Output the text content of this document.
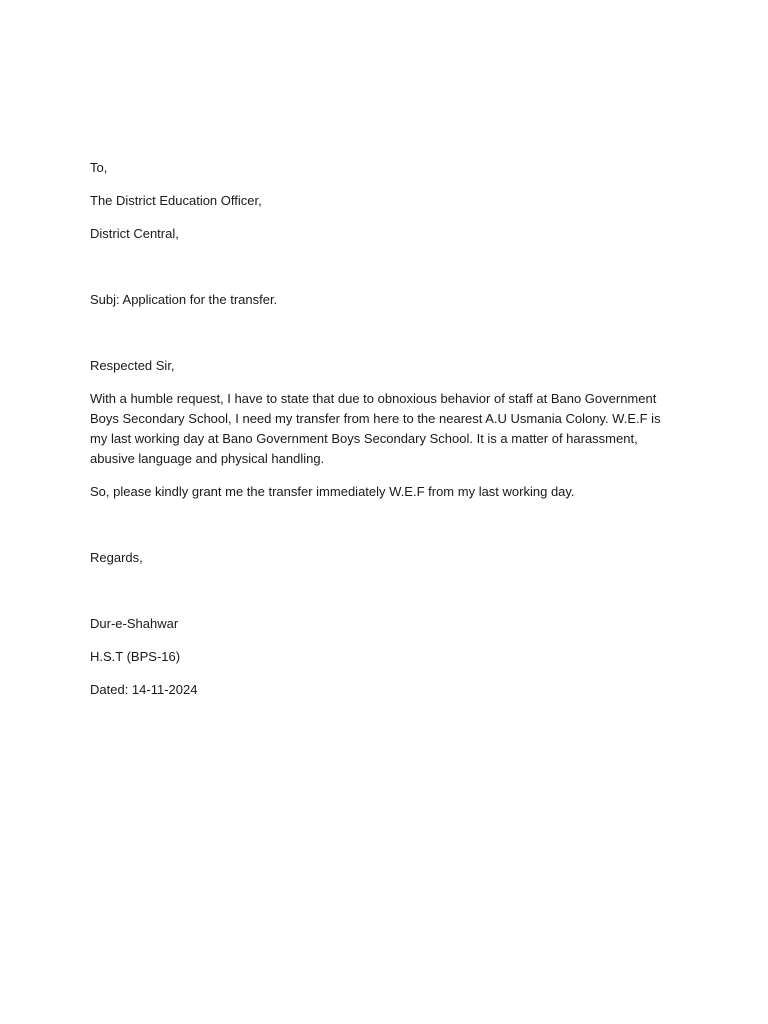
To,

The District Education Officer,

District Central,

Subj: Application for the transfer.

Respected Sir,

With a humble request, I have to state that due to obnoxious behavior of staff at Bano Government Boys Secondary School, I need my transfer from here to the nearest A.U Usmania Colony. W.E.F is my last working day at Bano Government Boys Secondary School. It is a matter of harassment, abusive language and physical handling.

So, please kindly grant me the transfer immediately W.E.F from my last working day.

Regards,

Dur-e-Shahwar

H.S.T (BPS-16)

Dated: 14-11-2024
